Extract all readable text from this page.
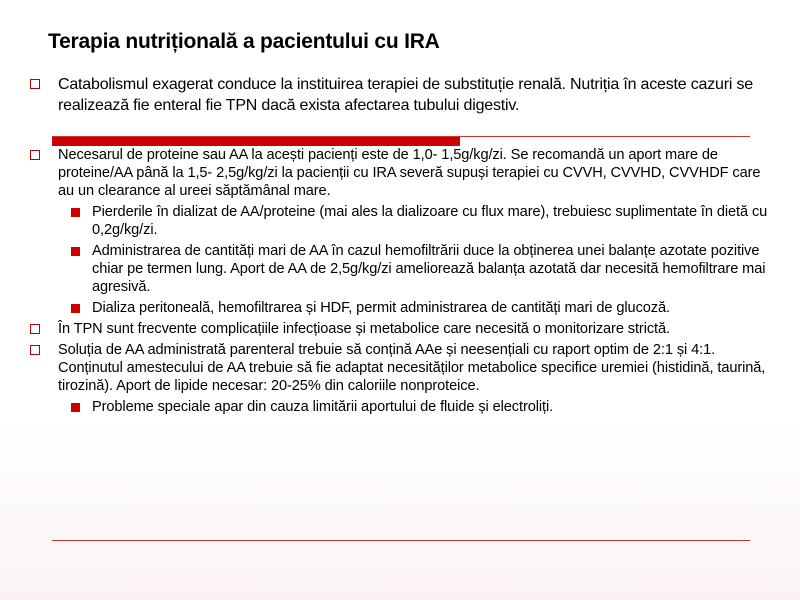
Terapia nutrițională a pacientului cu IRA
Catabolismul exagerat conduce la instituirea terapiei de substituție renală. Nutriția în aceste cazuri se realizează fie enteral fie TPN dacă exista afectarea tubului digestiv.
Necesarul de proteine sau AA la acești pacienți este de 1,0- 1,5g/kg/zi. Se recomandă un aport mare de proteine/AA până la 1,5- 2,5g/kg/zi la pacienții cu IRA severă supuși terapiei cu CVVH, CVVHD, CVVHDF care au un clearance al ureei săptămânal mare.
Pierderile în dializat de AA/proteine (mai ales la dializoare cu flux mare), trebuiesc suplimentate în dietă cu 0,2g/kg/zi.
Administrarea de cantități mari de AA în cazul hemofiltrării duce la obținerea unei balanțe azotate pozitive chiar pe termen lung. Aport de AA de 2,5g/kg/zi ameliorează balanța azotată dar necesită hemofiltrare mai agresivă.
Dializa peritoneală, hemofiltrarea și HDF, permit administrarea de cantități mari de glucoză.
În TPN sunt frecvente complicațiile infecțioase și metabolice care necesită o monitorizare strictă.
Soluția de AA administrată parenteral trebuie să conțină AAe și neesențiali cu raport optim de 2:1 și 4:1. Conținutul amestecului de AA trebuie să fie adaptat necesităților metabolice specifice uremiei (histidină, taurină, tirozină). Aport de lipide necesar: 20-25% din caloriile nonproteice.
Probleme speciale apar din cauza limitării aportului de fluide și electroliți.
